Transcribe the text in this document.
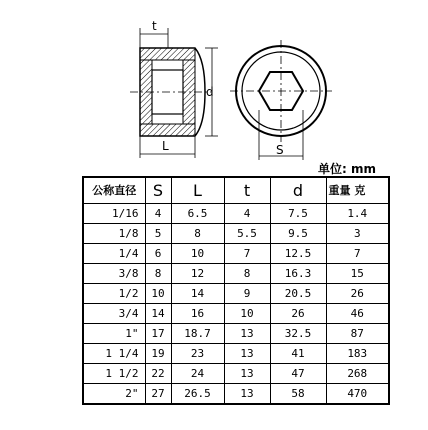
t
d
L	S
单位: mm
公称直径	S	L	t	d	重量 克
1/16	4	6.5	4	7.5	1.4
1/8	5	8	5.5	9.5	3
1/4	6	10	7	12.5	7
3/8	8	12	8	16.3	15
1/2	10	14	9	20.5	26
3/4	14	16	10	26	46
1"	17	18.7	13	32.5	87
1 1/4	19	23	13	41	183
1 1/2	22	24	13	47	268
2"	27	26.5	13	58	470
